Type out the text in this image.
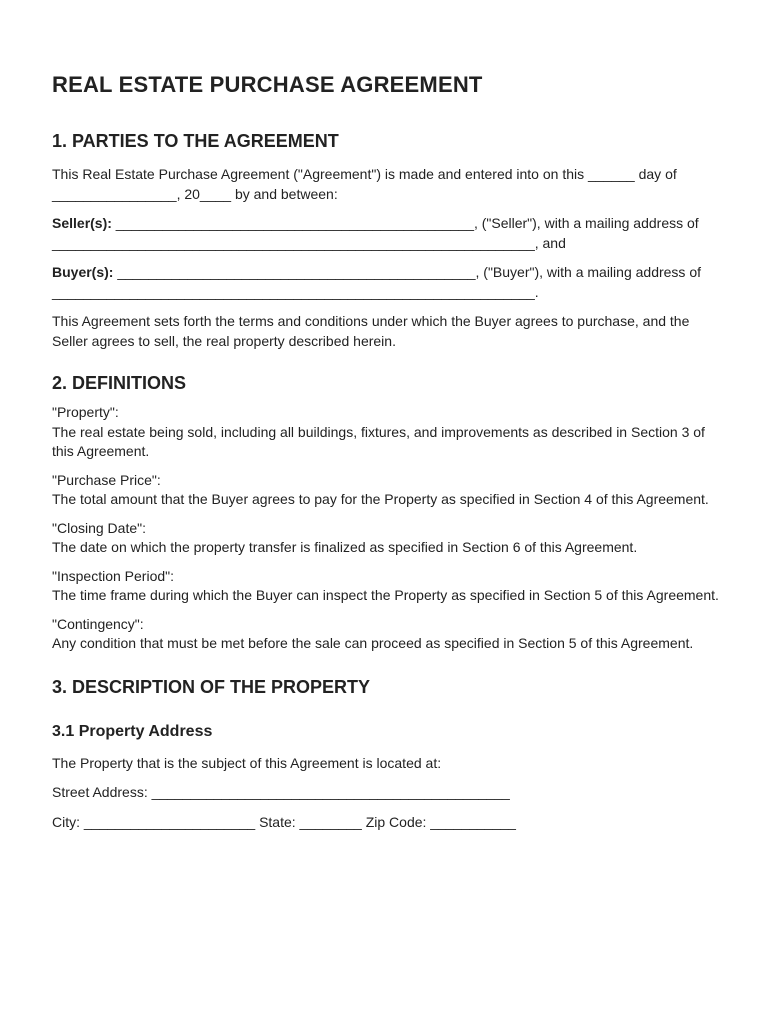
REAL ESTATE PURCHASE AGREEMENT
1. PARTIES TO THE AGREEMENT

This Real Estate Purchase Agreement ("Agreement") is made and entered into on this ______ day of ________________, 20____ by and between:

Seller(s): ______________________________________________, ("Seller"), with a mailing address of ______________________________________________________________, and

Buyer(s): ______________________________________________, ("Buyer"), with a mailing address of ______________________________________________________________.

This Agreement sets forth the terms and conditions under which the Buyer agrees to purchase, and the Seller agrees to sell, the real property described herein.

2. DEFINITIONS

"Property":
The real estate being sold, including all buildings, fixtures, and improvements as described in Section 3 of this Agreement.

"Purchase Price":
The total amount that the Buyer agrees to pay for the Property as specified in Section 4 of this Agreement.

"Closing Date":
The date on which the property transfer is finalized as specified in Section 6 of this Agreement.

"Inspection Period":
The time frame during which the Buyer can inspect the Property as specified in Section 5 of this Agreement.

"Contingency":
Any condition that must be met before the sale can proceed as specified in Section 5 of this Agreement.

3. DESCRIPTION OF THE PROPERTY
3.1 Property Address

The Property that is the subject of this Agreement is located at:

Street Address: ______________________________________________

City: ______________________ State: ________ Zip Code: ___________
